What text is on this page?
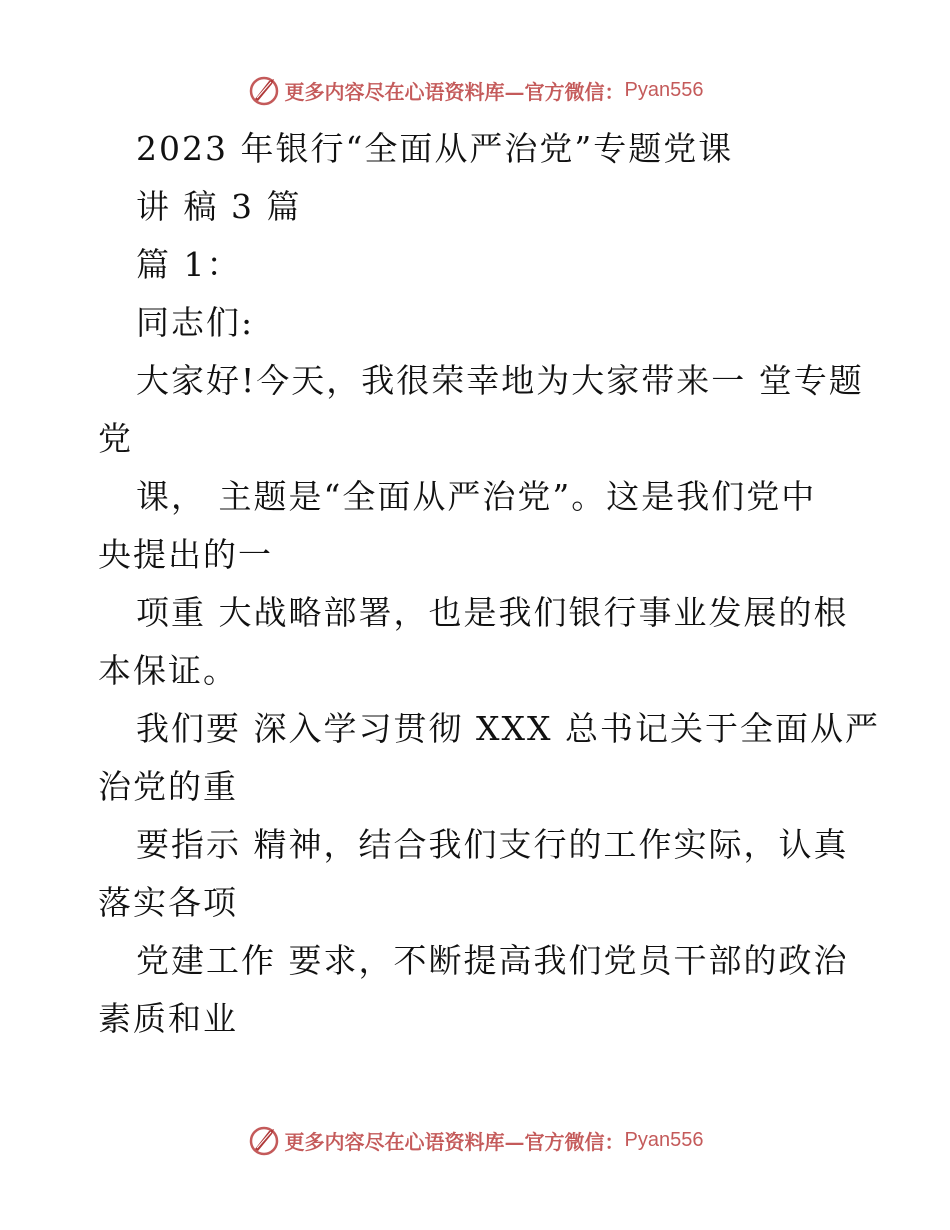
更多内容尽在心语资料库—官方微信： Pyan556
2023 年银行“全面从严治党”专题党课
讲 稿 3 篇
篇 1：
同志们:
大家好!今天，我很荣幸地为大家带来一 堂专题
党
课， 主题是“全面从严治党”。这是我们党中
央提出的一
项重 大战略部署，也是我们银行事业发展的根
本保证。
我们要 深入学习贯彻 XXX 总书记关于全面从严
治党的重
要指示 精神，结合我们支行的工作实际，认真
落实各项
党建工作 要求，不断提高我们党员干部的政治
素质和业
更多内容尽在心语资料库—官方微信： Pyan556
